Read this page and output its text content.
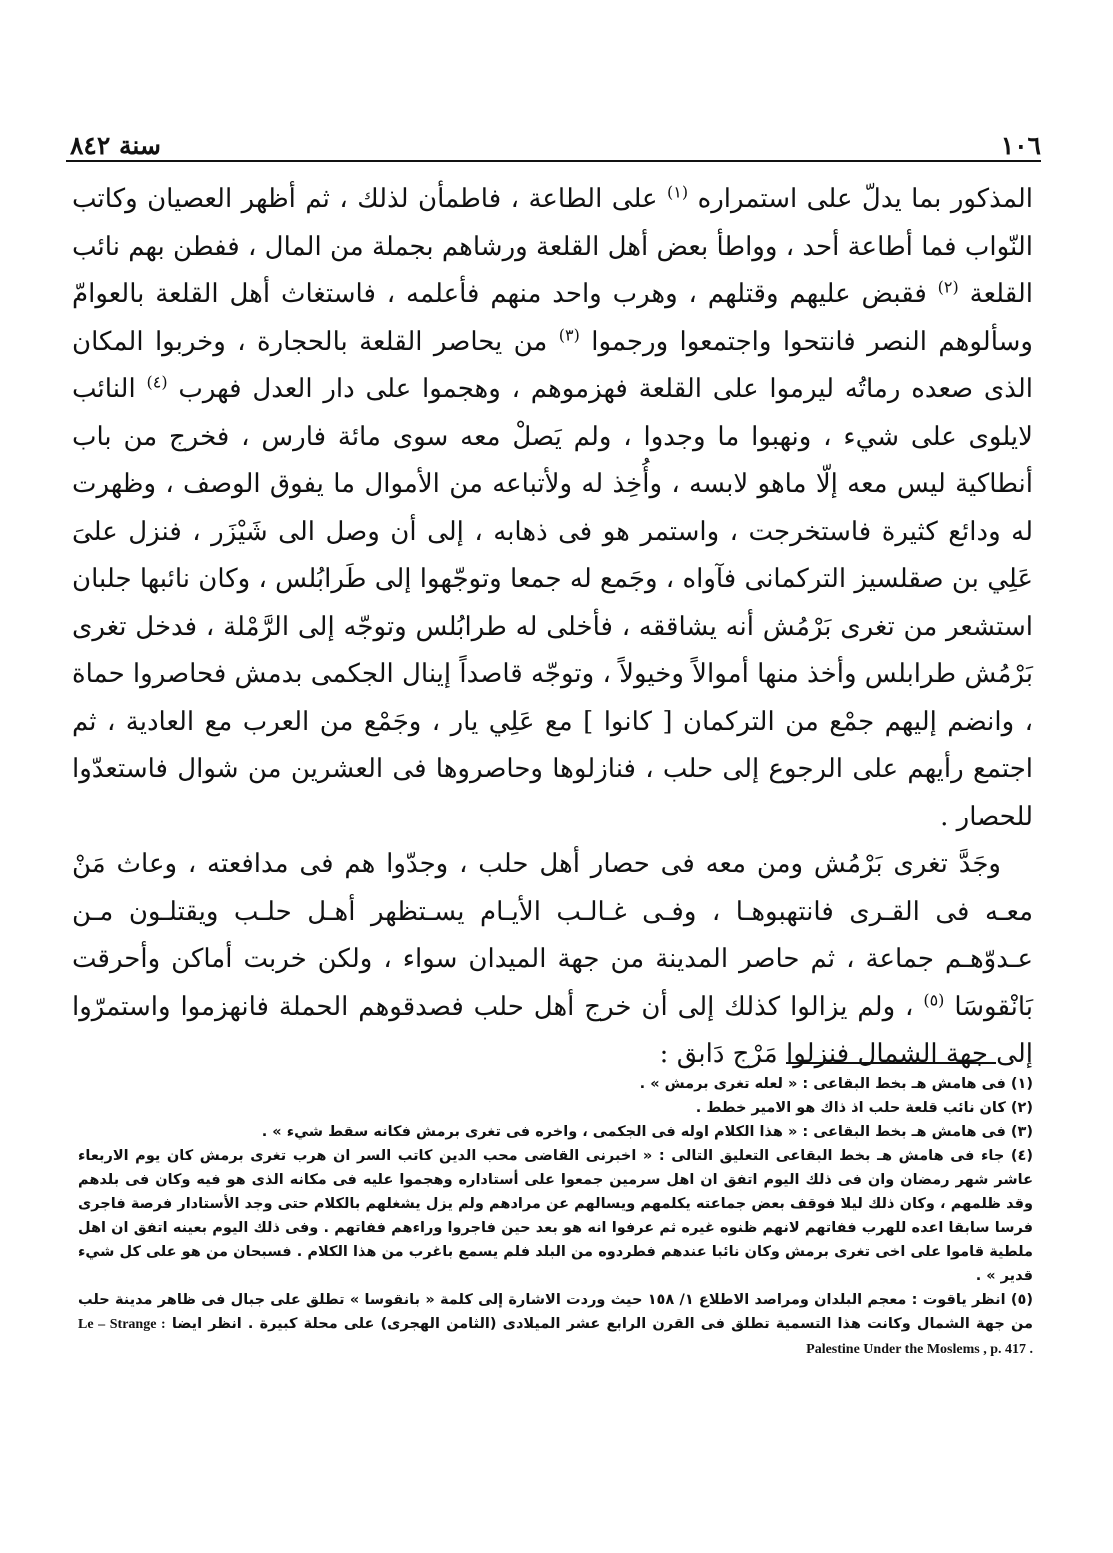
١٠٦
سنة ٨٤٢

المذكور بما يدلّ على استمراره $^{(١)}$ على الطاعة ، فاطمأن لذلك ، ثم أظهر العصيان وكاتب النّواب فما أطاعة أحد ، وواطأ بعض أهل القلعة ورشاهم بجملة من المال ، ففطن بهم نائب القلعة $^{(٢)}$ فقبض عليهم وقتلهم ، وهرب واحد منهم فأعلمه ، فاستغاث أهل القلعة بالعوامّ وسألوهم النصر فانتحوا واجتمعوا ورجموا $^{(٣)}$ من يحاصر القلعة بالحجارة ، وخربوا المكان الذى صعده رماتُه ليرموا على القلعة فهزموهم ، وهجموا على دار العدل فهرب $^{(٤)}$ النائب لايلوى على شيء ، ونهبوا ما وجدوا ، ولم يَصلْ معه سوى مائة فارس ، فخرج من باب أنطاكية ليس معه إلّا ماهو لابسه ، وأُخِذ له ولأتباعه من الأموال ما يفوق الوصف ، وظهرت له ودائع كثيرة فاستخرجت ، واستمر هو فى ذهابه ، إلى أن وصل الى شَيْزَر ، فنزل علىَ عَلِي بن صقلسيز التركمانى فآواه ، وجَمع له جمعا وتوجّهوا إلى طَرابُلس ، وكان نائبها جلبان استشعر من تغرى بَرْمُش أنه يشاققه ، فأخلى له طرابُلس وتوجّه إلى الرَّمْلة ، فدخل تغرى بَرْمُش طرابلس وأخذ منها أموالاً وخيولاً ، وتوجّه قاصداً إينال الجكمى بدمش فحاصروا حماة ، وانضم إليهم جمْع من التركمان [ كانوا ] مع عَلِي يار ، وجَمْع من العرب مع العادية ، ثم اجتمع رأيهم على الرجوع إلى حلب ، فنازلوها وحاصروها فى العشرين من شوال فاستعدّوا للحصار .

وجَدَّ تغرى بَرْمُش ومن معه فى حصار أهل حلب ، وجدّوا هم فى مدافعته ، وعاث مَنْ معـه فى القـرى فانتهبوهـا ، وفـى غـالـب الأيـام يسـتظهر أهـل حلـب ويقتلـون مـن عـدوّهـم جماعة ، ثم حاصر المدينة من جهة الميدان سواء ، ولكن خربت أماكن وأحرقت بَانْقوسَا $^{(٥)}$ ، ولم يزالوا كذلك إلى أن خرج أهل حلب فصدقوهم الحملة فانهزموا واستمرّوا إلى جهة الشمال فنزلوا مَرْج دَابق :

(١) فى هامش هـ بخط البقاعى : « لعله تغرى برمش » .

(٢) كان نائب قلعة حلب اذ ذاك هو الامير خطط .

(٣) فى هامش هـ بخط البقاعى : « هذا الكلام اوله فى الجكمى ، واخره فى تغرى برمش فكانه سقط شيء » .

(٤) جاء فى هامش هـ بخط البقاعى التعليق التالى : « اخبرنى القاضى محب الدين كاتب السر ان هرب تغرى برمش كان يوم الاربعاء عاشر شهر رمضان وان فى ذلك اليوم اتفق ان اهل سرمين جمعوا على أستاداره وهجموا عليه فى مكانه الذى هو فيه وكان فى بلدهم وقد ظلمهم ، وكان ذلك ليلا فوقف بعض جماعته يكلمهم ويسالهم عن مرادهم ولم يزل يشغلهم بالكلام حتى وجد الأستادار فرصة فاجرى فرسا سابقا اعده للهرب ففاتهم لانهم ظنوه غيره ثم عرفوا انه هو بعد حين فاجروا وراءهم ففاتهم . وفى ذلك اليوم بعينه اتفق ان اهل ملطية قاموا على اخى تغرى برمش وكان نائبا عندهم فطردوه من البلد فلم يسمع باغرب من هذا الكلام . فسبحان من هو على كل شيء قدير » .

(٥) انظر ياقوت : معجم البلدان ومراصد الاطلاع ١/ ١٥٨ حيث وردت الاشارة إلى كلمة « بانقوسا » تطلق على جبال فى ظاهر مدينة حلب من جهة الشمال وكانت هذا التسمية تطلق فى القرن الرابع عشر الميلادى (الثامن الهجرى) على محلة كبيرة . انظر ايضا Le – Strange : Palestine Under the Moslems , p. 417 .
